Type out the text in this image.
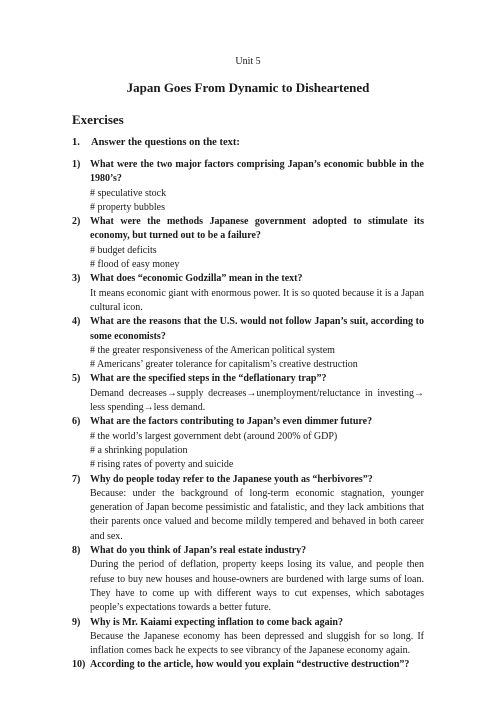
Unit 5
Japan Goes From Dynamic to Disheartened
Exercises
1. Answer the questions on the text:
1) What were the two major factors comprising Japan’s economic bubble in the 1980’s?
# speculative stock
# property bubbles
2) What were the methods Japanese government adopted to stimulate its economy, but turned out to be a failure?
# budget deficits
# flood of easy money
3) What does “economic Godzilla” mean in the text?
It means economic giant with enormous power. It is so quoted because it is a Japan cultural icon.
4) What are the reasons that the U.S. would not follow Japan’s suit, according to some economists?
# the greater responsiveness of the American political system
# Americans’ greater tolerance for capitalism’s creative destruction
5) What are the specified steps in the “deflationary trap”?
Demand decreases→supply decreases→unemployment/reluctance in investing→ less spending→less demand.
6) What are the factors contributing to Japan’s even dimmer future?
# the world’s largest government debt (around 200% of GDP)
# a shrinking population
# rising rates of poverty and suicide
7) Why do people today refer to the Japanese youth as “herbivores”?
Because: under the background of long-term economic stagnation, younger generation of Japan become pessimistic and fatalistic, and they lack ambitions that their parents once valued and become mildly tempered and behaved in both career and sex.
8) What do you think of Japan’s real estate industry?
During the period of deflation, property keeps losing its value, and people then refuse to buy new houses and house-owners are burdened with large sums of loan. They have to come up with different ways to cut expenses, which sabotages people’s expectations towards a better future.
9) Why is Mr. Kaiami expecting inflation to come back again?
Because the Japanese economy has been depressed and sluggish for so long. If inflation comes back he expects to see vibrancy of the Japanese economy again.
10) According to the article, how would you explain “destructive destruction”?
